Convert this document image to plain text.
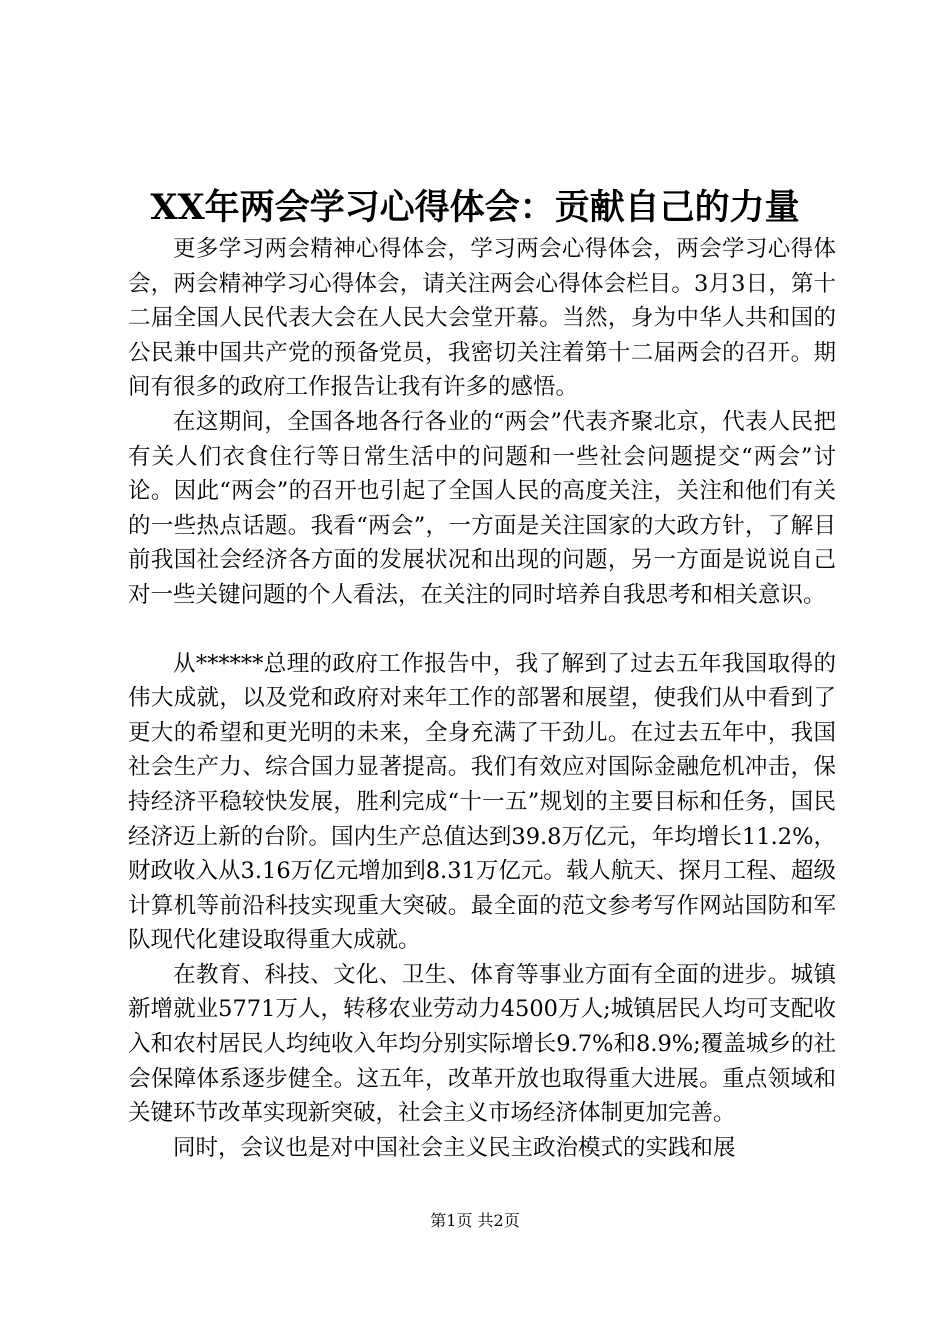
XX年两会学习心得体会：贡献自己的力量

更多学习两会精神心得体会，学习两会心得体会，两会学习心得体会，两会精神学习心得体会，请关注两会心得体会栏目。3月3日，第十二届全国人民代表大会在人民大会堂开幕。当然，身为中华人共和国的公民兼中国共产党的预备党员，我密切关注着第十二届两会的召开。期间有很多的政府工作报告让我有许多的感悟。

在这期间，全国各地各行各业的“两会”代表齐聚北京，代表人民把有关人们衣食住行等日常生活中的问题和一些社会问题提交“两会”讨论。因此“两会”的召开也引起了全国人民的高度关注，关注和他们有关的一些热点话题。我看“两会”，一方面是关注国家的大政方针，了解目前我国社会经济各方面的发展状况和出现的问题，另一方面是说说自己对一些关键问题的个人看法，在关注的同时培养自我思考和相关意识。

从******总理的政府工作报告中，我了解到了过去五年我国取得的伟大成就，以及党和政府对来年工作的部署和展望，使我们从中看到了更大的希望和更光明的未来，全身充满了干劲儿。在过去五年中，我国社会生产力、综合国力显著提高。我们有效应对国际金融危机冲击，保持经济平稳较快发展，胜利完成“十一五”规划的主要目标和任务，国民经济迈上新的台阶。国内生产总值达到39.8万亿元，年均增长11.2%，财政收入从3.16万亿元增加到8.31万亿元。载人航天、探月工程、超级计算机等前沿科技实现重大突破。最全面的范文参考写作网站国防和军队现代化建设取得重大成就。

在教育、科技、文化、卫生、体育等事业方面有全面的进步。城镇新增就业5771万人，转移农业劳动力4500万人;城镇居民人均可支配收入和农村居民人均纯收入年均分别实际增长9.7%和8.9%;覆盖城乡的社会保障体系逐步健全。这五年，改革开放也取得重大进展。重点领域和关键环节改革实现新突破，社会主义市场经济体制更加完善。

同时，会议也是对中国社会主义民主政治模式的实践和展

第1页 共2页
